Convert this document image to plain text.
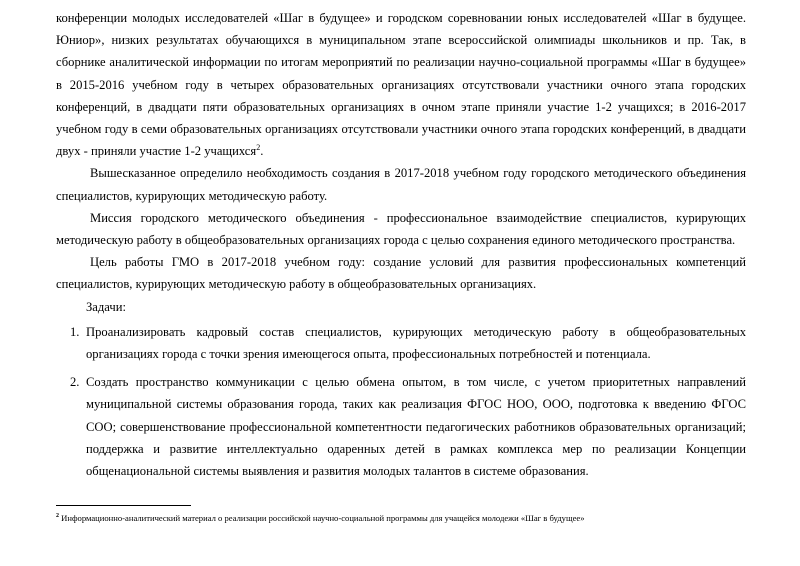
конференции молодых исследователей «Шаг в будущее» и городском соревновании юных исследователей «Шаг в будущее. Юниор», низких результатах обучающихся в муниципальном этапе всероссийской олимпиады школьников и пр. Так, в сборнике аналитической информации по итогам мероприятий по реализации научно-социальной программы «Шаг в будущее» в 2015-2016 учебном году в четырех образовательных организациях отсутствовали участники очного этапа городских конференций, в двадцати пяти образовательных организациях в очном этапе приняли участие 1-2 учащихся; в 2016-2017 учебном году в семи образовательных организациях отсутствовали участники очного этапа городских конференций, в двадцати двух - приняли участие 1-2 учащихся$^2$.

Вышесказанное определило необходимость создания в 2017-2018 учебном году городского методического объединения специалистов, курирующих методическую работу.

Миссия городского методического объединения - профессиональное взаимодействие специалистов, курирующих методическую работу в общеобразовательных организациях города с целью сохранения единого методического пространства.

Цель работы ГМО в 2017-2018 учебном году: создание условий для развития профессиональных компетенций специалистов, курирующих методическую работу в общеобразовательных организациях.

Задачи:

1. Проанализировать кадровый состав специалистов, курирующих методическую работу в общеобразовательных организациях города с точки зрения имеющегося опыта, профессиональных потребностей и потенциала.
2. Создать пространство коммуникации с целью обмена опытом, в том числе, с учетом приоритетных направлений муниципальной системы образования города, таких как реализация ФГОС НОО, ООО, подготовка к введению ФГОС СОО; совершенствование профессиональной компетентности педагогических работников образовательных организаций; поддержка и развитие интеллектуально одаренных детей в рамках комплекса мер по реализации Концепции общенациональной системы выявления и развития молодых талантов в системе образования.
$^2$ Информационно-аналитический материал о реализации российской научно-социальной программы для учащейся молодежи «Шаг в будущее»
